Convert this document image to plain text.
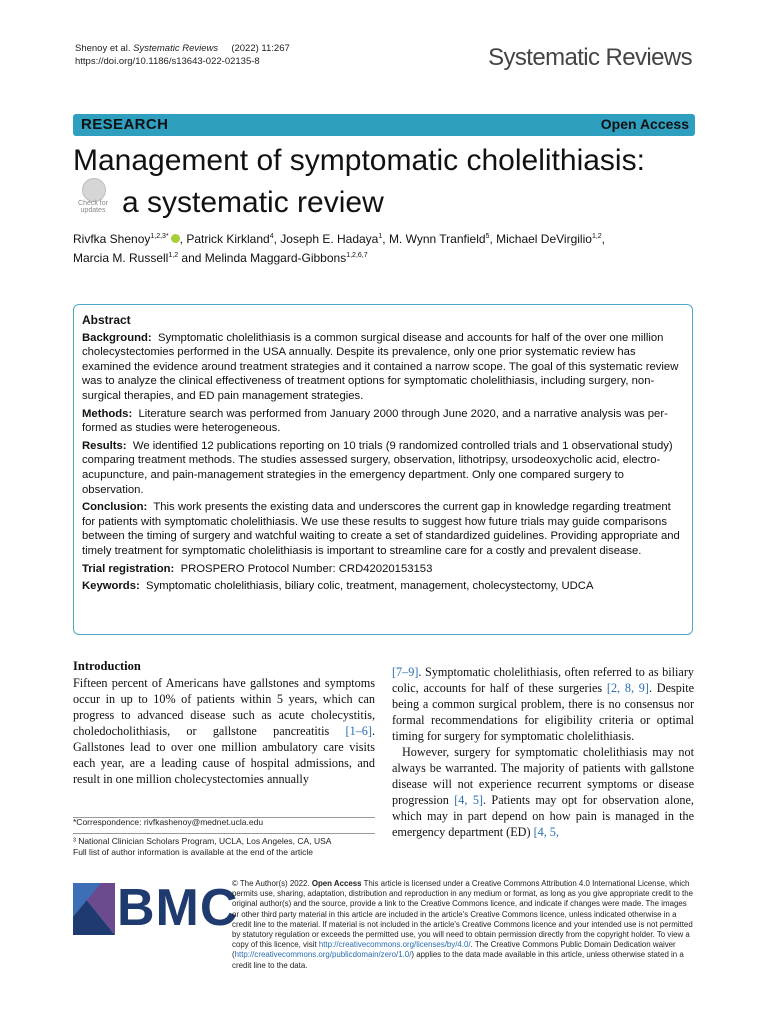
Shenoy et al. Systematic Reviews (2022) 11:267
https://doi.org/10.1186/s13643-022-02135-8	Systematic Reviews
RESEARCH	Open Access
Management of symptomatic cholelithiasis:
Check for updates a systematic review
Rivfka Shenoy$^{1,2,3*}$ , Patrick Kirkland$^4$, Joseph E. Hadaya$^1$, M. Wynn Tranfield$^5$, Michael DeVirgilio$^{1,2}$,
Marcia M. Russell$^{1,2}$ and Melinda Maggard-Gibbons$^{1,2,6,7}$
Abstract

Background: Symptomatic cholelithiasis is a common surgical disease and accounts for half of the over one million cholecystectomies performed in the USA annually. Despite its prevalence, only one prior systematic review has examined the evidence around treatment strategies and it contained a narrow scope. The goal of this systematic review was to analyze the clinical effectiveness of treatment options for symptomatic cholelithiasis, including surgery, non-surgical therapies, and ED pain management strategies.

Methods: Literature search was performed from January 2000 through June 2020, and a narrative analysis was per- formed as studies were heterogeneous.

Results: We identified 12 publications reporting on 10 trials (9 randomized controlled trials and 1 observational study) comparing treatment methods. The studies assessed surgery, observation, lithotripsy, ursodeoxycholic acid, electro-acupuncture, and pain-management strategies in the emergency department. Only one compared surgery to observation.

Conclusion: This work presents the existing data and underscores the current gap in knowledge regarding treatment for patients with symptomatic cholelithiasis. We use these results to suggest how future trials may guide comparisons between the timing of surgery and watchful waiting to create a set of standardized guidelines. Providing appropriate and timely treatment for symptomatic cholelithiasis is important to streamline care for a costly and prevalent disease.

Trial registration: PROSPERO Protocol Number: CRD42020153153

Keywords: Symptomatic cholelithiasis, biliary colic, treatment, management, cholecystectomy, UDCA

Introduction
Fifteen percent of Americans have gallstones and symptoms occur in up to 10% of patients within 5 years, which can progress to advanced disease such as acute cholecystitis, choledocholithiasis, or gallstone pancreatitis [1–6]. Gallstones lead to over one million ambulatory care visits each year, are a leading cause of hospital admissions, and result in one million cholecystectomies annually

[7–9]. Symptomatic cholelithiasis, often referred to as biliary colic, accounts for half of these surgeries [2, 8, 9]. Despite being a common surgical problem, there is no consensus nor formal recommendations for eligibility criteria or optimal timing for surgery for symptomatic cholelithiasis.

However, surgery for symptomatic cholelithiasis may not always be warranted. The majority of patients with gallstone disease will not experience recurrent symptoms or disease progression [4, 5]. Patients may opt for observation alone, which may in part depend on how pain is managed in the emergency department (ED) [4, 5,

*Correspondence: rivfkashenoy@mednet.ucla.edu
³ National Clinician Scholars Program, UCLA, Los Angeles, CA, USA
Full list of author information is available at the end of the article
BMC
© The Author(s) 2022. Open Access This article is licensed under a Creative Commons Attribution 4.0 International License, which permits use, sharing, adaptation, distribution and reproduction in any medium or format, as long as you give appropriate credit to the original author(s) and the source, provide a link to the Creative Commons licence, and indicate if changes were made. The images or other third party material in this article are included in the article's Creative Commons licence, unless indicated otherwise in a credit line to the material. If material is not included in the article's Creative Commons licence and your intended use is not permitted by statutory regulation or exceeds the permitted use, you will need to obtain permission directly from the copyright holder. To view a copy of this licence, visit http://creativecommons.org/licenses/by/4.0/. The Creative Commons Public Domain Dedication waiver (http://creativecommons.org/publicdomain/zero/1.0/) applies to the data made available in this article, unless otherwise stated in a credit line to the data.
